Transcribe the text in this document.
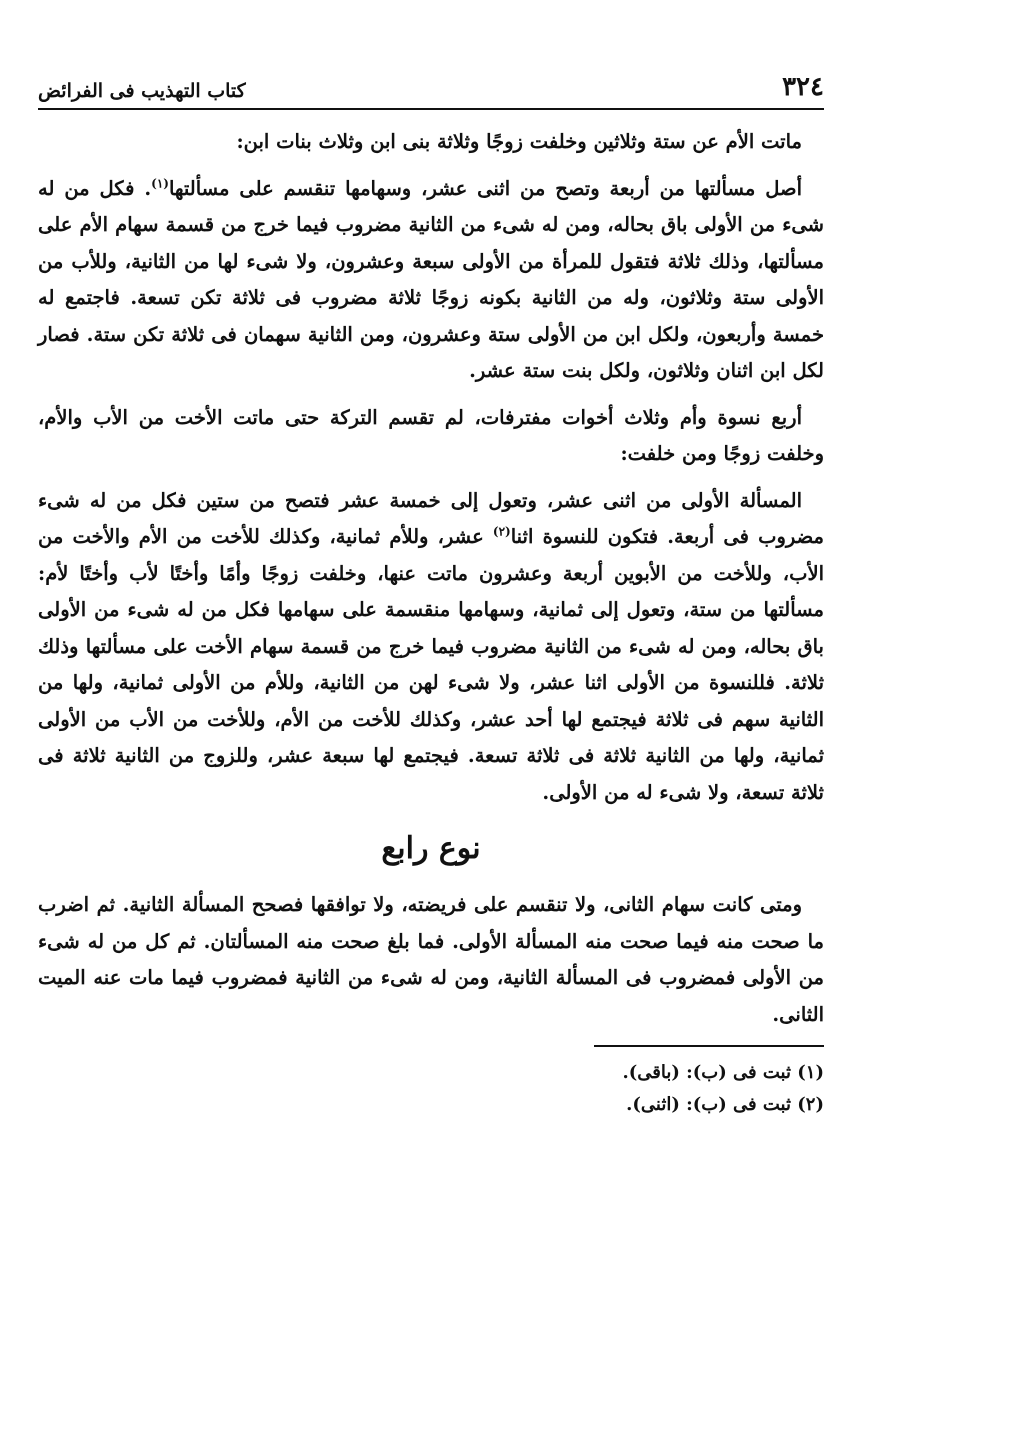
٣٢٤
كتاب التهذيب فى الفرائض

ماتت الأم عن ستة وثلاثين وخلفت زوجًا وثلاثة بنى ابن وثلاث بنات ابن:

أصل مسألتها من أربعة وتصح من اثنى عشر، وسهامها تنقسم على مسألتها$^{(١)}$. فكل من له شىء من الأولى باق بحاله، ومن له شىء من الثانية مضروب فيما خرج من قسمة سهام الأم على مسألتها، وذلك ثلاثة فتقول للمرأة من الأولى سبعة وعشرون، ولا شىء لها من الثانية، وللأب من الأولى ستة وثلاثون، وله من الثانية بكونه زوجًا ثلاثة مضروب فى ثلاثة تكن تسعة. فاجتمع له خمسة وأربعون، ولكل ابن من الأولى ستة وعشرون، ومن الثانية سهمان فى ثلاثة تكن ستة. فصار لكل ابن اثنان وثلاثون، ولكل بنت ستة عشر.

أربع نسوة وأم وثلاث أخوات مفترفات، لم تقسم التركة حتى ماتت الأخت من الأب والأم، وخلفت زوجًا ومن خلفت:

المسألة الأولى من اثنى عشر، وتعول إلى خمسة عشر فتصح من ستين فكل من له شىء مضروب فى أربعة. فتكون للنسوة اثنا$^{(٢)}$ عشر، وللأم ثمانية، وكذلك للأخت من الأم والأخت من الأب، وللأخت من الأبوين أربعة وعشرون ماتت عنها، وخلفت زوجًا وأمًا وأختًا لأب وأختًا لأم: مسألتها من ستة، وتعول إلى ثمانية، وسهامها منقسمة على سهامها فكل من له شىء من الأولى باق بحاله، ومن له شىء من الثانية مضروب فيما خرج من قسمة سهام الأخت على مسألتها وذلك ثلاثة. فللنسوة من الأولى اثنا عشر، ولا شىء لهن من الثانية، وللأم من الأولى ثمانية، ولها من الثانية سهم فى ثلاثة فيجتمع لها أحد عشر، وكذلك للأخت من الأم، وللأخت من الأب من الأولى ثمانية، ولها من الثانية ثلاثة فى ثلاثة تسعة. فيجتمع لها سبعة عشر، وللزوج من الثانية ثلاثة فى ثلاثة تسعة، ولا شىء له من الأولى.

نوع رابع

ومتى كانت سهام الثانى، ولا تنقسم على فريضته، ولا توافقها فصحح المسألة الثانية. ثم اضرب ما صحت منه فيما صحت منه المسألة الأولى. فما بلغ صحت منه المسألتان. ثم كل من له شىء من الأولى فمضروب فى المسألة الثانية، ومن له شىء من الثانية فمضروب فيما مات عنه الميت الثانى.

(١) ثبت فى (ب): (باقى).
(٢) ثبت فى (ب): (اثنى).
